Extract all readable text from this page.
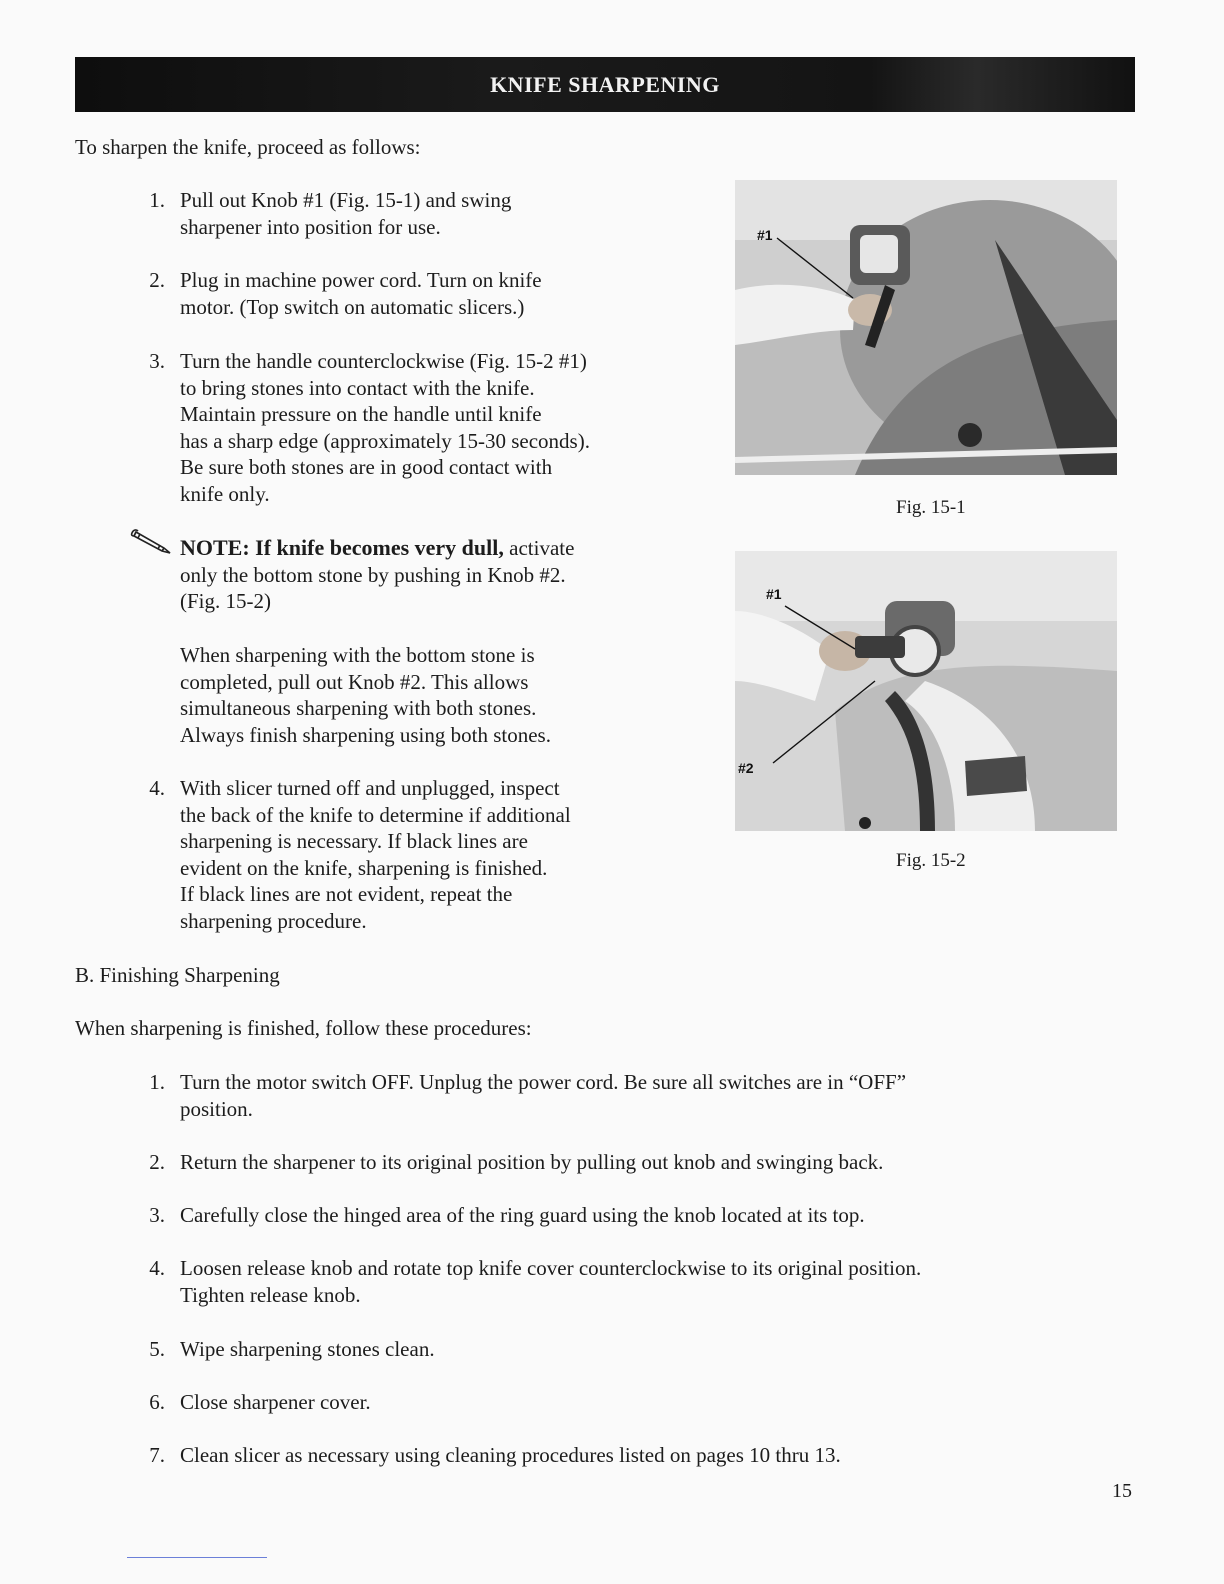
KNIFE SHARPENING

To sharpen the knife, proceed as follows:

1. Pull out Knob #1 (Fig. 15-1) and swing
sharpener into position for use.
2. Plug in machine power cord. Turn on knife
motor. (Top switch on automatic slicers.)
3. Turn the handle counterclockwise (Fig. 15-2 #1)
to bring stones into contact with the knife.
Maintain pressure on the handle until knife
has a sharp edge (approximately 15-30 seconds).
Be sure both stones are in good contact with
knife only.
NOTE: If knife becomes very dull, activate
only the bottom stone by pushing in Knob #2.
(Fig. 15-2)
When sharpening with the bottom stone is
completed, pull out Knob #2. This allows
simultaneous sharpening with both stones.
Always finish sharpening using both stones.
4. With slicer turned off and unplugged, inspect
the back of the knife to determine if additional
sharpening is necessary. If black lines are
evident on the knife, sharpening is finished.
If black lines are not evident, repeat the
sharpening procedure.
#1
Fig. 15-1
#1
#2
Fig. 15-2

B. Finishing Sharpening

When sharpening is finished, follow these procedures:

1. Turn the motor switch OFF. Unplug the power cord. Be sure all switches are in “OFF”
position.
2. Return the sharpener to its original position by pulling out knob and swinging back.
3. Carefully close the hinged area of the ring guard using the knob located at its top.
4. Loosen release knob and rotate top knife cover counterclockwise to its original position.
Tighten release knob.
5. Wipe sharpening stones clean.
6. Close sharpener cover.
7. Clean slicer as necessary using cleaning procedures listed on pages 10 thru 13.
15
